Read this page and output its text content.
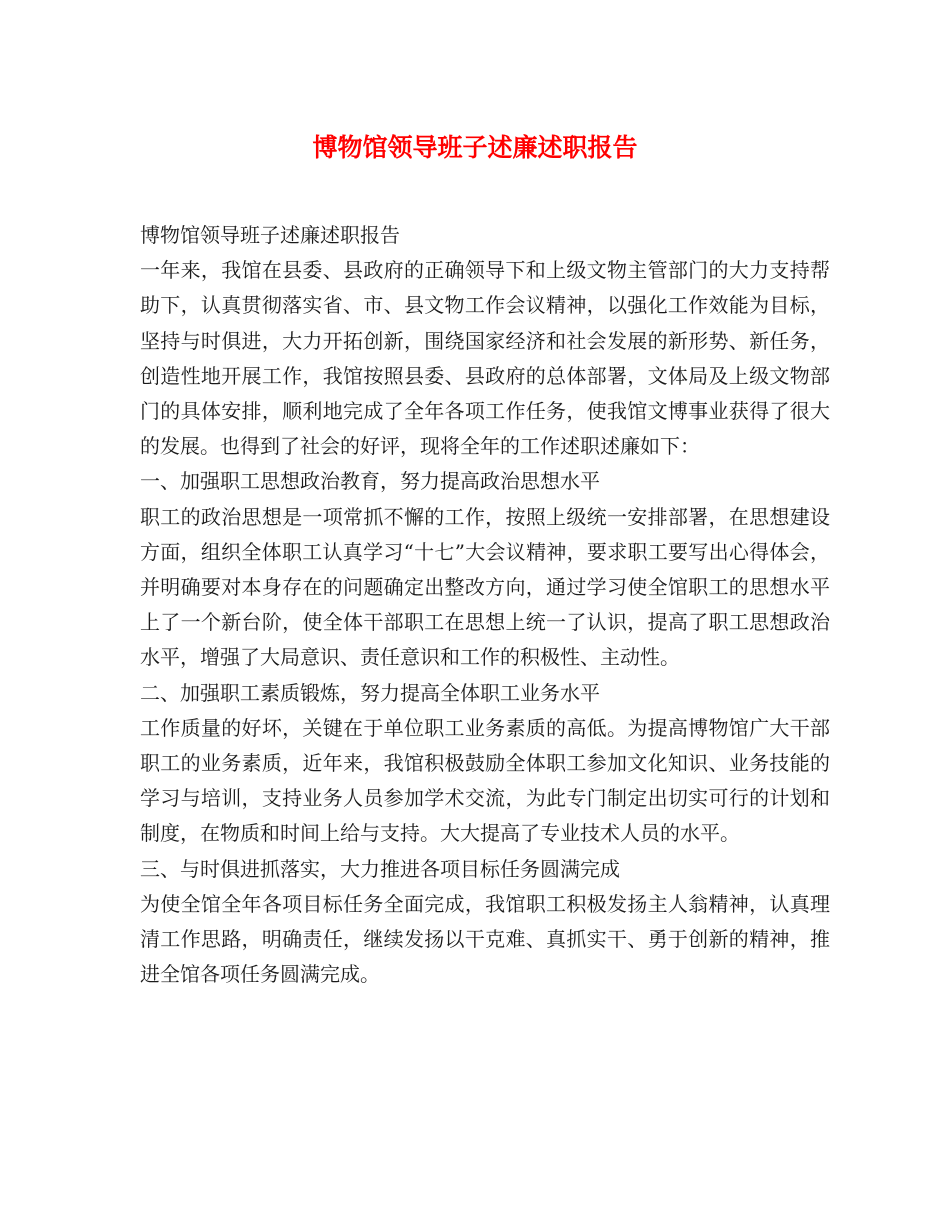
博物馆领导班子述廉述职报告

博物馆领导班子述廉述职报告

一年来，我馆在县委、县政府的正确领导下和上级文物主管部门的大力支持帮助下，认真贯彻落实省、市、县文物工作会议精神，以强化工作效能为目标，坚持与时俱进，大力开拓创新，围绕国家经济和社会发展的新形势、新任务，创造性地开展工作，我馆按照县委、县政府的总体部署，文体局及上级文物部门的具体安排，顺利地完成了全年各项工作任务，使我馆文博事业获得了很大的发展。也得到了社会的好评，现将全年的工作述职述廉如下：

一、加强职工思想政治教育，努力提高政治思想水平

职工的政治思想是一项常抓不懈的工作，按照上级统一安排部署，在思想建设方面，组织全体职工认真学习“十七”大会议精神，要求职工要写出心得体会，并明确要对本身存在的问题确定出整改方向，通过学习使全馆职工的思想水平上了一个新台阶，使全体干部职工在思想上统一了认识，提高了职工思想政治水平，增强了大局意识、责任意识和工作的积极性、主动性。

二、加强职工素质锻炼，努力提高全体职工业务水平

工作质量的好坏，关键在于单位职工业务素质的高低。为提高博物馆广大干部职工的业务素质，近年来，我馆积极鼓励全体职工参加文化知识、业务技能的学习与培训，支持业务人员参加学术交流，为此专门制定出切实可行的计划和制度，在物质和时间上给与支持。大大提高了专业技术人员的水平。

三、与时俱进抓落实，大力推进各项目标任务圆满完成

为使全馆全年各项目标任务全面完成，我馆职工积极发扬主人翁精神，认真理清工作思路，明确责任，继续发扬以干克难、真抓实干、勇于创新的精神，推进全馆各项任务圆满完成。
